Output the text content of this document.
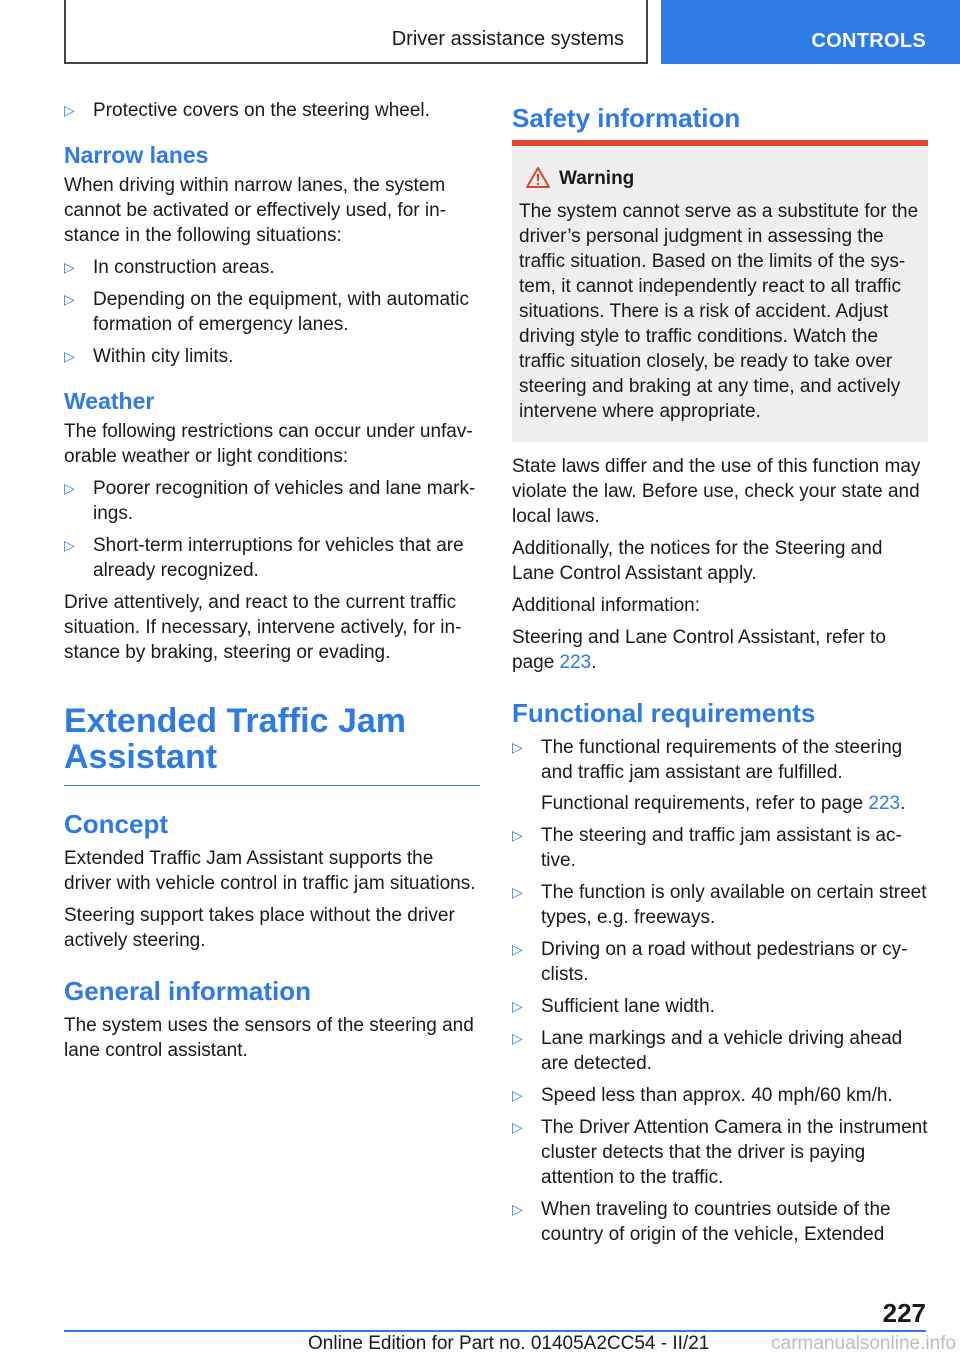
Driver assistance systems	CONTROLS
▷ Protective covers on the steering wheel.
Narrow lanes

When driving within narrow lanes, the system cannot be activated or effectively used, for instance in the following situations:

▷ In construction areas.
▷ Depending on the equipment, with automatic formation of emergency lanes.
▷ Within city limits.
Weather

The following restrictions can occur under unfavorable weather or light conditions:

▷ Poorer recognition of vehicles and lane markings.
▷ Short-term interruptions for vehicles that are already recognized.

Drive attentively, and react to the current traffic situation. If necessary, intervene actively, for instance by braking, steering or evading.

Extended Traffic Jam Assistant
Concept

Extended Traffic Jam Assistant supports the driver with vehicle control in traffic jam situations.

Steering support takes place without the driver actively steering.

General information

The system uses the sensors of the steering and lane control assistant.

Safety information
Warning
The system cannot serve as a substitute for the driver’s personal judgment in assessing the traffic situation. Based on the limits of the system, it cannot independently react to all traffic situations. There is a risk of accident. Adjust driving style to traffic conditions. Watch the traffic situation closely, be ready to take over steering and braking at any time, and actively intervene where appropriate.

State laws differ and the use of this function may violate the law. Before use, check your state and local laws.

Additionally, the notices for the Steering and Lane Control Assistant apply.

Additional information:

Steering and Lane Control Assistant, refer to page 223.

Functional requirements
▷ The functional requirements of the steering and traffic jam assistant are fulfilled.
Functional requirements, refer to page 223.
▷ The steering and traffic jam assistant is active.
▷ The function is only available on certain street types, e.g. freeways.
▷ Driving on a road without pedestrians or cyclists.
▷ Sufficient lane width.
▷ Lane markings and a vehicle driving ahead are detected.
▷ Speed less than approx. 40 mph/60 km/h.
▷ The Driver Attention Camera in the instrument cluster detects that the driver is paying attention to the traffic.
▷ When traveling to countries outside of the country of origin of the vehicle, Extended
227
Online Edition for Part no. 01405A2CC54 - II/21	carmanualsonline.info
